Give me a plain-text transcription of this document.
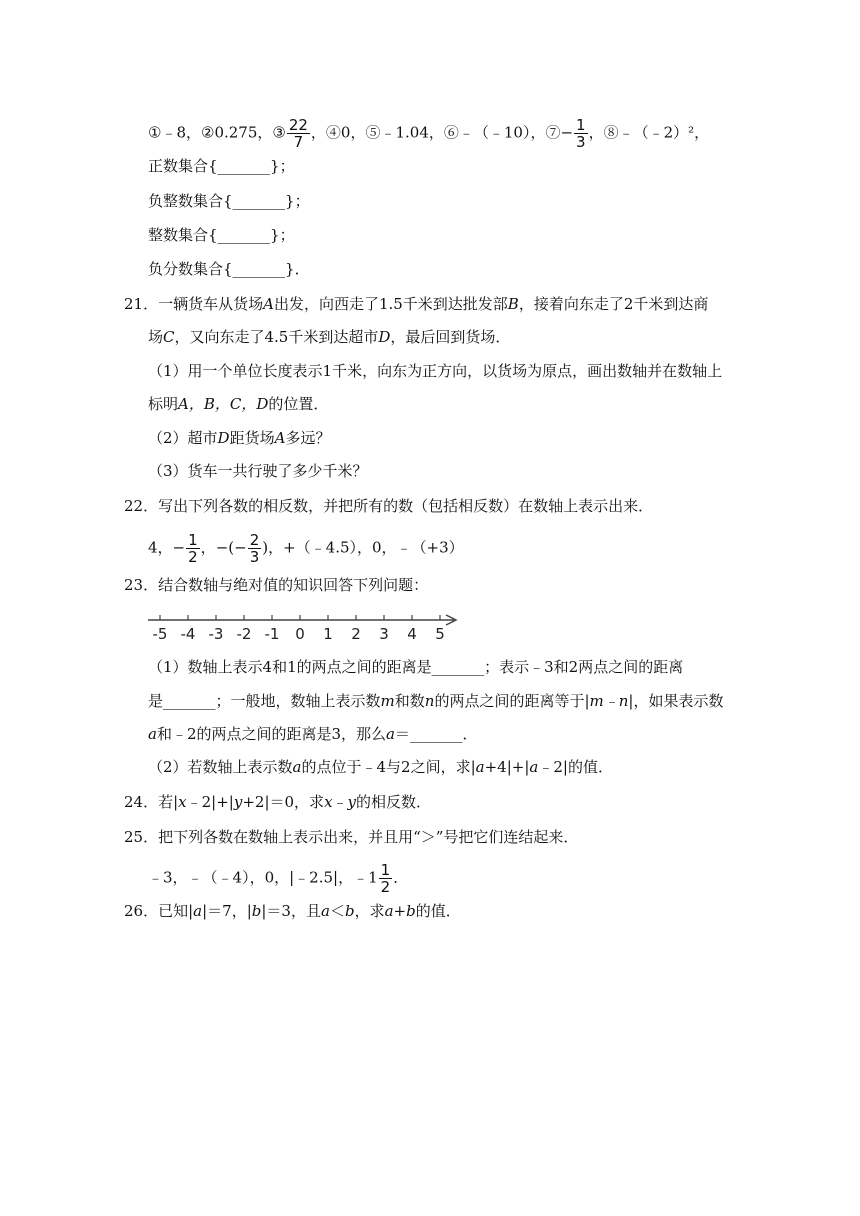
①﹣8，②0.275，③ $\frac{22}{7}$ ，④0，⑤﹣1.04，⑥﹣（﹣10），⑦− $\frac{1}{3}$ ，⑧﹣（﹣2）²，
正数集合{_______}；
负整数集合{_______}；
整数集合{_______}；
负分数集合{_______}．
21．一辆货车从货场A出发，向西走了1.5千米到达批发部B，接着向东走了2千米到达商
场C，又向东走了4.5千米到达超市D，最后回到货场．
（1）用一个单位长度表示1千米，向东为正方向，以货场为原点，画出数轴并在数轴上
标明A，B，C，D的位置．
（2）超市D距货场A多远？
（3）货车一共行驶了多少千米？
22．写出下列各数的相反数，并把所有的数（包括相反数）在数轴上表示出来．
4，− $\frac{1}{2}$ ，−(− $\frac{2}{3}$ )，+（﹣4.5），0，﹣（+3）
23．结合数轴与绝对值的知识回答下列问题：
-5 -4 -3 -2 -1 0 1 2 3 4 5
（1）数轴上表示4和1的两点之间的距离是_______；表示﹣3和2两点之间的距离
是_______；一般地，数轴上表示数m和数n的两点之间的距离等于|m﹣n|，如果表示数
a和﹣2的两点之间的距离是3，那么a＝_______．
（2）若数轴上表示数a的点位于﹣4与2之间，求|a+4|+|a﹣2|的值．
24．若|x﹣2|+|y+2|＝0，求x﹣y的相反数．
25．把下列各数在数轴上表示出来，并且用“＞”号把它们连结起来．
﹣3，﹣（﹣4），0，|﹣2.5|，﹣1 $\frac{1}{2}$ ．
26．已知|a|＝7，|b|＝3，且a＜b，求a+b的值．
